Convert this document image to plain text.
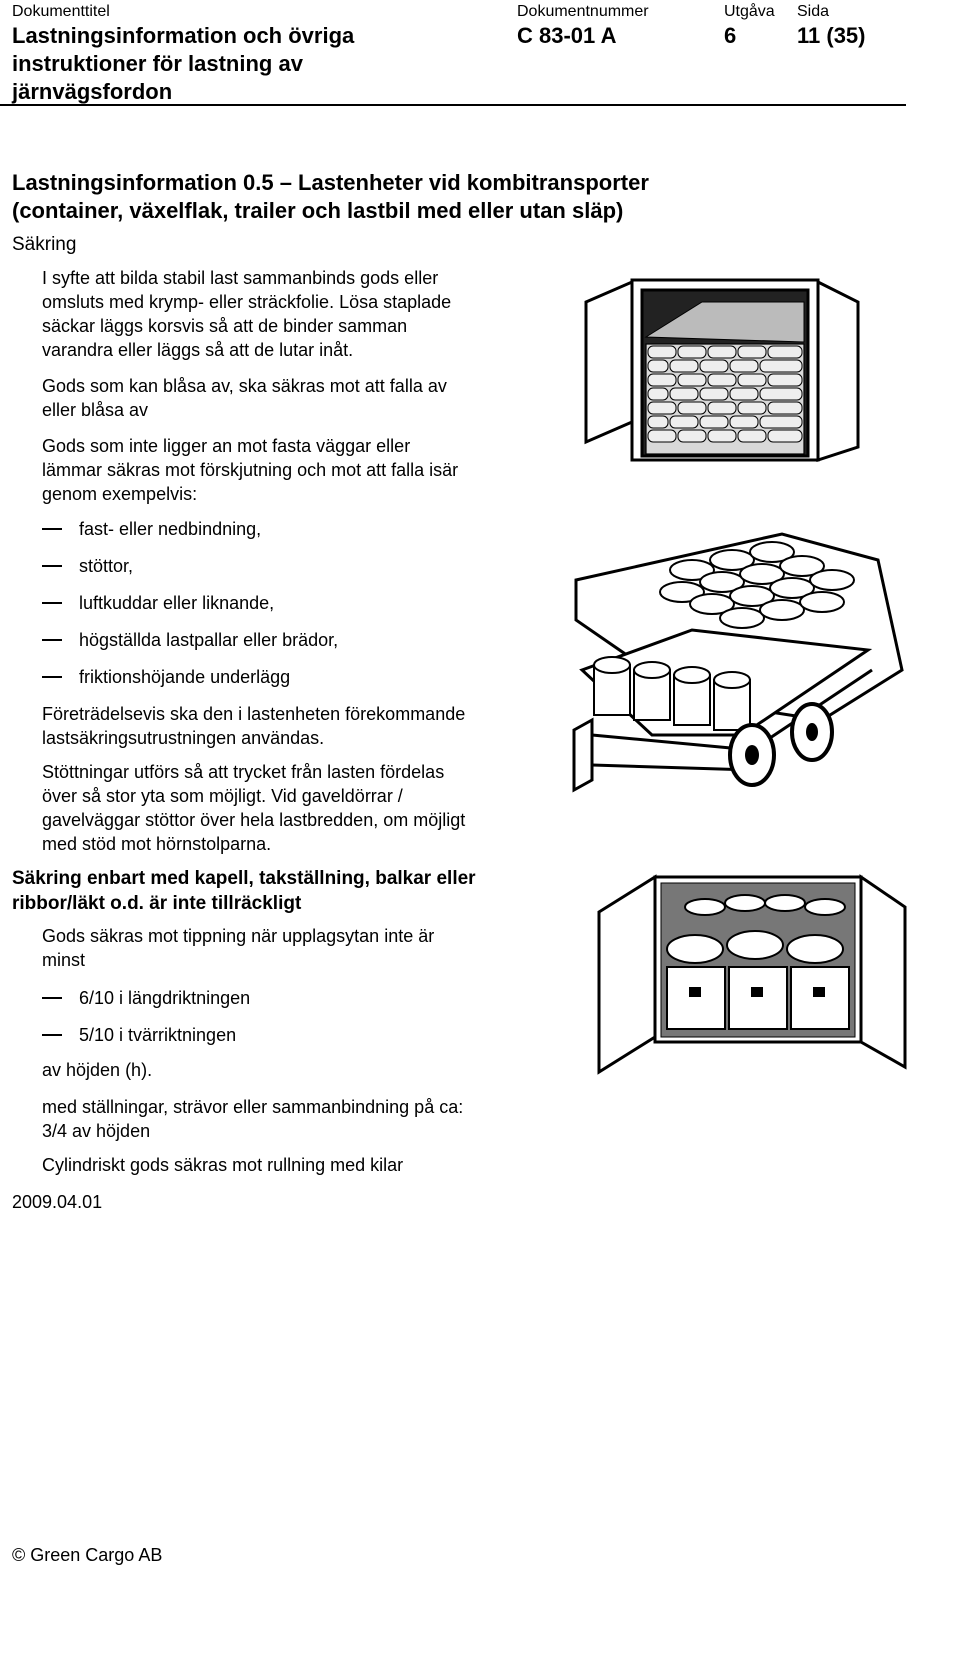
Dokumenttitel
Lastningsinformation och övriga
instruktioner för lastning av
järnvägsfordon
Dokumentnummer
C 83-01 A
Utgåva
6
Sida
11 (35)
Lastningsinformation 0.5 – Lastenheter vid kombitransporter
(container, växelflak, trailer och lastbil med eller utan släp)
Säkring
I syfte att bilda stabil last sammanbinds gods eller
omsluts med krymp- eller sträckfolie. Lösa staplade
säckar läggs korsvis så att de binder samman
varandra eller läggs så att de lutar inåt.
Gods som kan blåsa av, ska säkras mot att falla av
eller blåsa av
Gods som inte ligger an mot fasta väggar eller
lämmar säkras mot förskjutning och mot att falla isär
genom exempelvis:
fast- eller nedbindning,
stöttor,
luftkuddar eller liknande,
högställda lastpallar eller brädor,
friktionshöjande underlägg
Företrädelsevis ska den i lastenheten förekommande
lastsäkringsutrustningen användas.
Stöttningar utförs så att trycket från lasten fördelas
över så stor yta som möjligt. Vid gaveldörrar /
gavelväggar stöttor över hela lastbredden, om möjligt
med stöd mot hörnstolparna.
Säkring enbart med kapell, takställning, balkar eller
ribbor/läkt o.d. är inte tillräckligt
Gods säkras mot tippning när upplagsytan inte är
minst
6/10 i längdriktningen
5/10 i tvärriktningen
av höjden (h).
med ställningar, strävor eller sammanbindning på ca:
3/4 av höjden
Cylindriskt gods säkras mot rullning med kilar
2009.04.01
© Green Cargo AB
